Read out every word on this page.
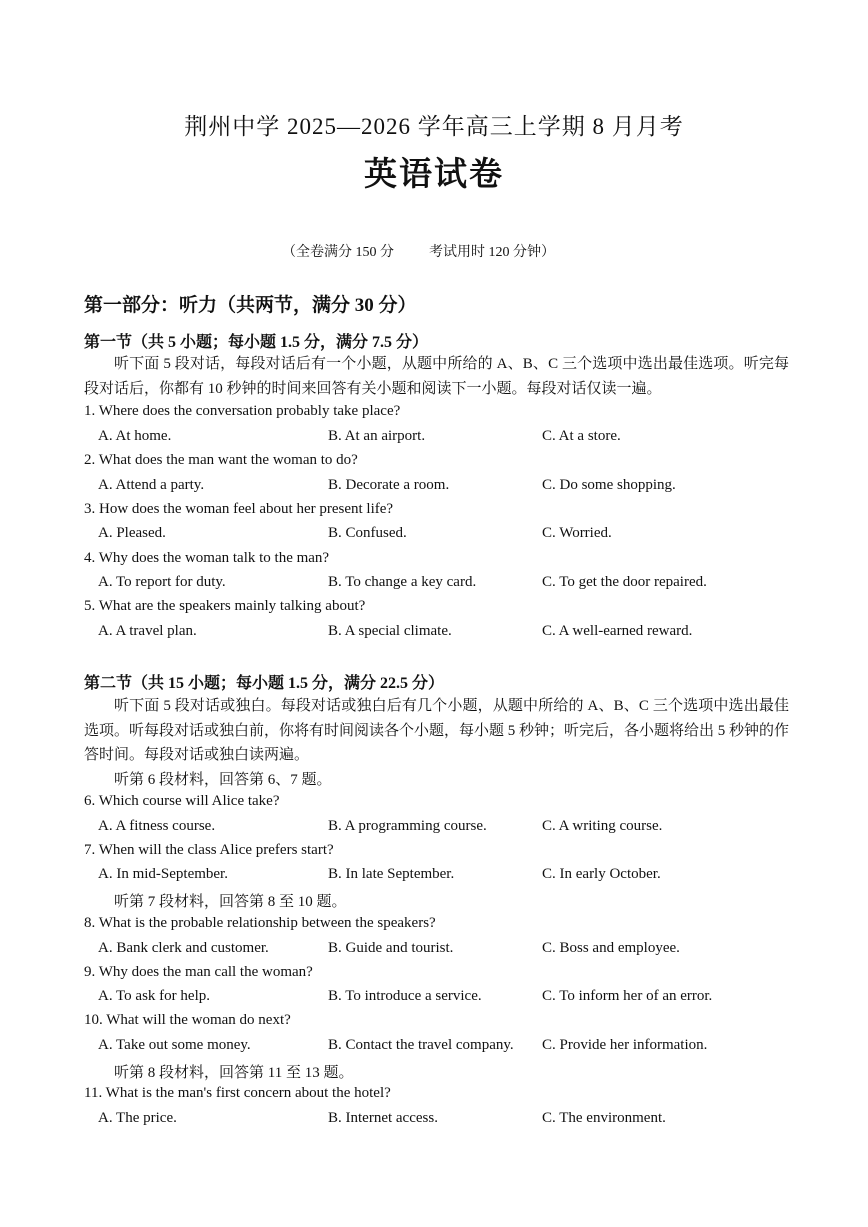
荆州中学 2025—2026 学年高三上学期 8 月月考
英语试卷
（全卷满分 150 分          考试用时 120 分钟）
第一部分：听力（共两节，满分 30 分）
第一节（共 5 小题；每小题 1.5 分，满分 7.5 分）
听下面 5 段对话，每段对话后有一个小题，从题中所给的 A、B、C 三个选项中选出最佳选项。听完每段对话后，你都有 10 秒钟的时间来回答有关小题和阅读下一小题。每段对话仅读一遍。
1. Where does the conversation probably take place?
A. At home.	B. At an airport.	C. At a store.
2. What does the man want the woman to do?
A. Attend a party.	B. Decorate a room.	C. Do some shopping.
3. How does the woman feel about her present life?
A. Pleased.	B. Confused.	C. Worried.
4. Why does the woman talk to the man?
A. To report for duty.	B. To change a key card.	C. To get the door repaired.
5. What are the speakers mainly talking about?
A. A travel plan.	B. A special climate.	C. A well-earned reward.
第二节（共 15 小题；每小题 1.5 分，满分 22.5 分）
听下面 5 段对话或独白。每段对话或独白后有几个小题，从题中所给的 A、B、C 三个选项中选出最佳选项。听每段对话或独白前，你将有时间阅读各个小题，每小题 5 秒钟；听完后，各小题将给出 5 秒钟的作答时间。每段对话或独白读两遍。
听第 6 段材料，回答第 6、7 题。
6. Which course will Alice take?
A. A fitness course.	B. A programming course.	C. A writing course.
7. When will the class Alice prefers start?
A. In mid-September.	B. In late September.	C. In early October.
听第 7 段材料，回答第 8 至 10 题。
8. What is the probable relationship between the speakers?
A. Bank clerk and customer.	B. Guide and tourist.	C. Boss and employee.
9. Why does the man call the woman?
A. To ask for help.	B. To introduce a service.	C. To inform her of an error.
10. What will the woman do next?
A. Take out some money.	B. Contact the travel company. C. Provide her information.
听第 8 段材料，回答第 11 至 13 题。
11. What is the man's first concern about the hotel?
A. The price.	B. Internet access.	C. The environment.
